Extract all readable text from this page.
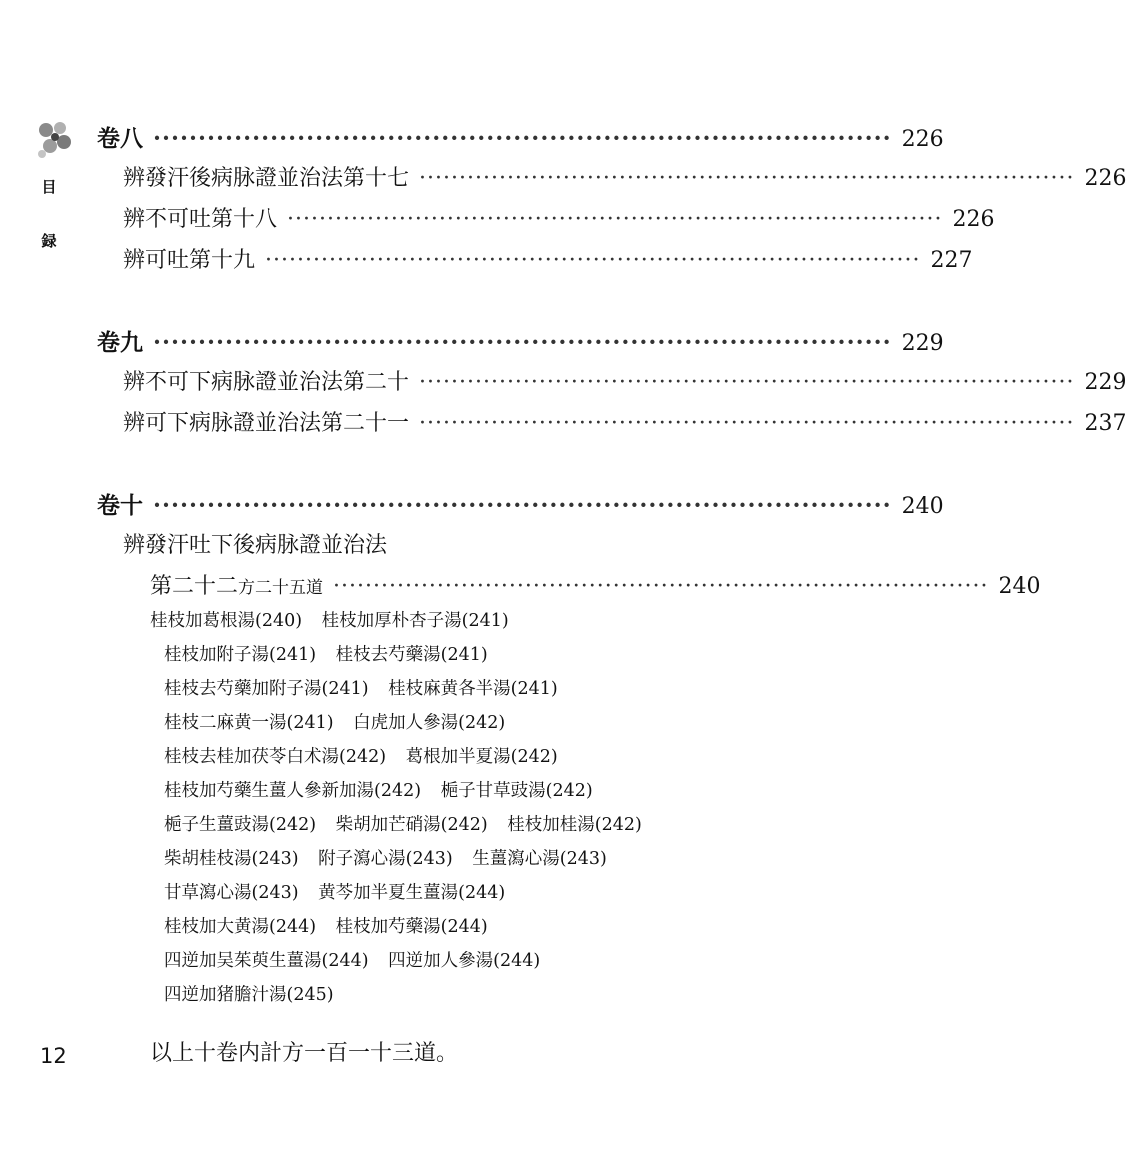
目
録
卷八 ·················································································· 226
辨發汗後病脉證並治法第十七 ·················································································· 226
辨不可吐第十八 ·················································································· 226
辨可吐第十九 ·················································································· 227
卷九 ·················································································· 229
辨不可下病脉證並治法第二十 ·················································································· 229
辨可下病脉證並治法第二十一 ·················································································· 237
卷十 ·················································································· 240
辨發汗吐下後病脉證並治法
第二十二 方二十五道 ·················································································· 240
桂枝加葛根湯(240) 桂枝加厚朴杏子湯(241) 桂枝加附子湯(241) 桂枝去芍藥湯(241) 桂枝去芍藥加附子湯(241) 桂枝麻黄各半湯(241) 桂枝二麻黄一湯(241) 白虎加人參湯(242) 桂枝去桂加茯苓白术湯(242) 葛根加半夏湯(242) 桂枝加芍藥生薑人參新加湯(242) 梔子甘草豉湯(242) 梔子生薑豉湯(242) 柴胡加芒硝湯(242) 桂枝加桂湯(242) 柴胡桂枝湯(243) 附子瀉心湯(243) 生薑瀉心湯(243) 甘草瀉心湯(243) 黄芩加半夏生薑湯(244) 桂枝加大黄湯(244) 桂枝加芍藥湯(244) 四逆加吴茱萸生薑湯(244) 四逆加人參湯(244) 四逆加猪膽汁湯(245)
12	以上十卷内計方一百一十三道。
